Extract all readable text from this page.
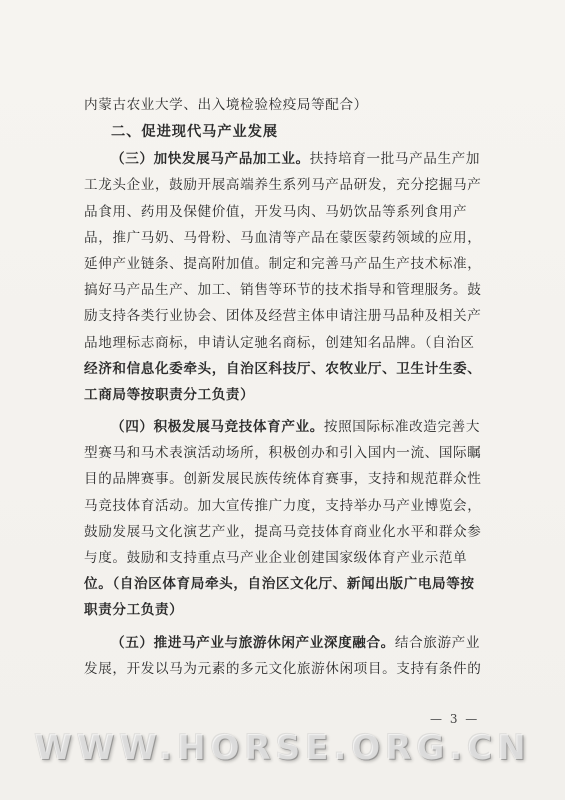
内蒙古农业大学、出入境检验检疫局等配合）
二、促进现代马产业发展
（三）加快发展马产品加工业。扶持培育一批马产品生产加
工龙头企业，鼓励开展高端养生系列马产品研发，充分挖掘马产
品食用、药用及保健价值，开发马肉、马奶饮品等系列食用产
品，推广马奶、马骨粉、马血清等产品在蒙医蒙药领域的应用，
延伸产业链条、提高附加值。制定和完善马产品生产技术标准，
搞好马产品生产、加工、销售等环节的技术指导和管理服务。鼓
励支持各类行业协会、团体及经营主体申请注册马品种及相关产
品地理标志商标，申请认定驰名商标，创建知名品牌。（自治区
经济和信息化委牵头，自治区科技厅、农牧业厅、卫生计生委、
工商局等按职责分工负责）
（四）积极发展马竞技体育产业。按照国际标准改造完善大
型赛马和马术表演活动场所，积极创办和引入国内一流、国际瞩
目的品牌赛事。创新发展民族传统体育赛事，支持和规范群众性
马竞技体育活动。加大宣传推广力度，支持举办马产业博览会，
鼓励发展马文化演艺产业，提高马竞技体育商业化水平和群众参
与度。鼓励和支持重点马产业企业创建国家级体育产业示范单
位。（自治区体育局牵头，自治区文化厅、新闻出版广电局等按
职责分工负责）
（五）推进马产业与旅游休闲产业深度融合。结合旅游产业
发展，开发以马为元素的多元文化旅游休闲项目。支持有条件的
— 3 —
WWW.HORSE.ORG.CN
